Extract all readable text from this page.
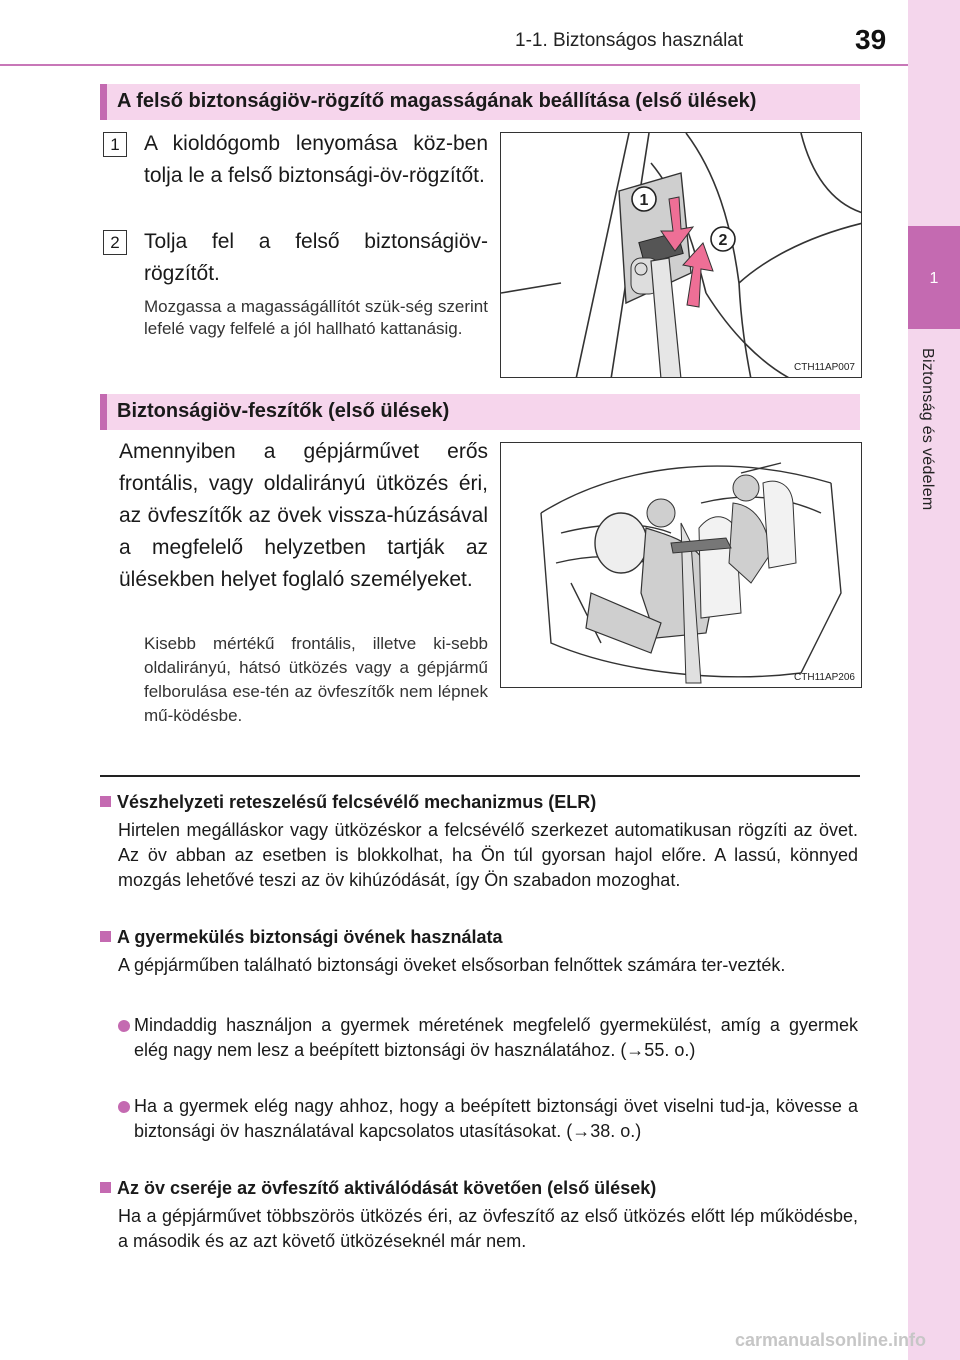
1-1. Biztonságos használat	39
1
Biztonság és védelem
A felső biztonságiöv-rögzítő magasságának beállítása (első ülések)
1	A kioldógomb lenyomása köz-ben tolja le a felső biztonsági-öv-rögzítőt.
2	Tolja fel a felső biztonságiöv-rögzítőt.
Mozgassa a magasságállítót szük-ség szerint lefelé vagy felfelé a jól hallható kattanásig.
1
2
CTH11AP007
Biztonságiöv-feszítők (első ülések)
Amennyiben a gépjárművet erős frontális, vagy oldalirányú ütközés éri, az övfeszítők az övek vissza-húzásával a megfelelő helyzetben tartják az ülésekben helyet foglaló személyeket.
Kisebb mértékű frontális, illetve ki-sebb oldalirányú, hátsó ütközés vagy a gépjármű felborulása ese-tén az övfeszítők nem lépnek mű-ködésbe.
CTH11AP206
Vészhelyzeti reteszelésű felcsévélő mechanizmus (ELR)
Hirtelen megálláskor vagy ütközéskor a felcsévélő szerkezet automatikusan rögzíti az övet. Az öv abban az esetben is blokkolhat, ha Ön túl gyorsan hajol előre. A lassú, könnyed mozgás lehetővé teszi az öv kihúzódását, így Ön szabadon mozoghat.
A gyermekülés biztonsági övének használata
A gépjárműben található biztonsági öveket elsősorban felnőttek számára ter-vezték.
Mindaddig használjon a gyermek méretének megfelelő gyermekülést, amíg a gyermek elég nagy nem lesz a beépített biztonsági öv használatához. (→55. o.)
Ha a gyermek elég nagy ahhoz, hogy a beépített biztonsági övet viselni tud-ja, kövesse a biztonsági öv használatával kapcsolatos utasításokat. (→38. o.)
Az öv cseréje az övfeszítő aktiválódását követően (első ülések)
Ha a gépjárművet többszörös ütközés éri, az övfeszítő az első ütközés előtt lép működésbe, a második és az azt követő ütközéseknél már nem.
carmanualsonline.info
